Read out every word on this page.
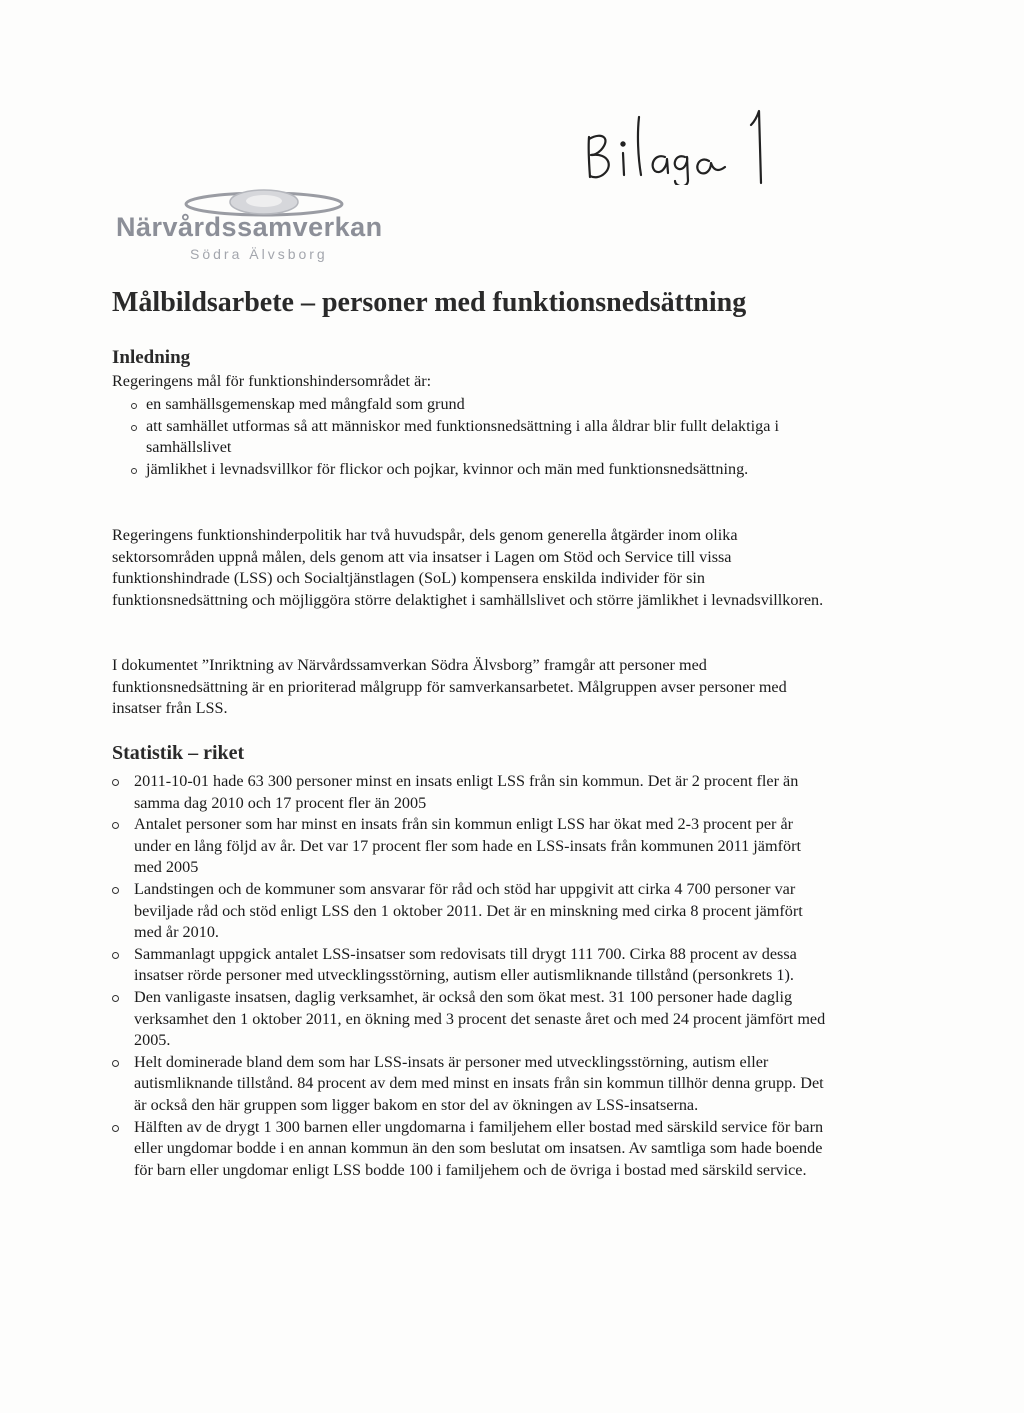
Närvårdssamverkan
Södra Älvsborg
Målbildsarbete – personer med funktionsnedsättning
Inledning
Regeringens mål för funktionshindersområdet är:
en samhällsgemenskap med mångfald som grund
att samhället utformas så att människor med funktionsnedsättning i alla åldrar blir fullt delaktiga i samhällslivet
jämlikhet i levnadsvillkor för flickor och pojkar, kvinnor och män med funktionsnedsättning.

Regeringens funktionshinderpolitik har två huvudspår, dels genom generella åtgärder inom olika sektorsområden uppnå målen, dels genom att via insatser i Lagen om Stöd och Service till vissa funktionshindrade (LSS) och Socialtjänstlagen (SoL) kompensera enskilda individer för sin funktionsnedsättning och möjliggöra större delaktighet i samhällslivet och större jämlikhet i levnadsvillkoren.

I dokumentet ”Inriktning av Närvårdssamverkan Södra Älvsborg” framgår att personer med funktionsnedsättning är en prioriterad målgrupp för samverkansarbetet. Målgruppen avser personer med insatser från LSS.

Statistik – riket
2011-10-01 hade 63 300 personer minst en insats enligt LSS från sin kommun. Det är 2 procent fler än samma dag 2010 och 17 procent fler än 2005
Antalet personer som har minst en insats från sin kommun enligt LSS har ökat med 2-3 procent per år under en lång följd av år. Det var 17 procent fler som hade en LSS-insats från kommunen 2011 jämfört med 2005
Landstingen och de kommuner som ansvarar för råd och stöd har uppgivit att cirka 4 700 personer var beviljade råd och stöd enligt LSS den 1 oktober 2011. Det är en minskning med cirka 8 procent jämfört med år 2010.
Sammanlagt uppgick antalet LSS-insatser som redovisats till drygt 111 700. Cirka 88 procent av dessa insatser rörde personer med utvecklingsstörning, autism eller autismliknande tillstånd (personkrets 1).
Den vanligaste insatsen, daglig verksamhet, är också den som ökat mest. 31 100 personer hade daglig verksamhet den 1 oktober 2011, en ökning med 3 procent det senaste året och med 24 procent jämfört med 2005.
Helt dominerade bland dem som har LSS-insats är personer med utvecklingsstörning, autism eller autismliknande tillstånd. 84 procent av dem med minst en insats från sin kommun tillhör denna grupp. Det är också den här gruppen som ligger bakom en stor del av ökningen av LSS-insatserna.
Hälften av de drygt 1 300 barnen eller ungdomarna i familjehem eller bostad med särskild service för barn eller ungdomar bodde i en annan kommun än den som beslutat om insatsen. Av samtliga som hade boende för barn eller ungdomar enligt LSS bodde 100 i familjehem och de övriga i bostad med särskild service.
